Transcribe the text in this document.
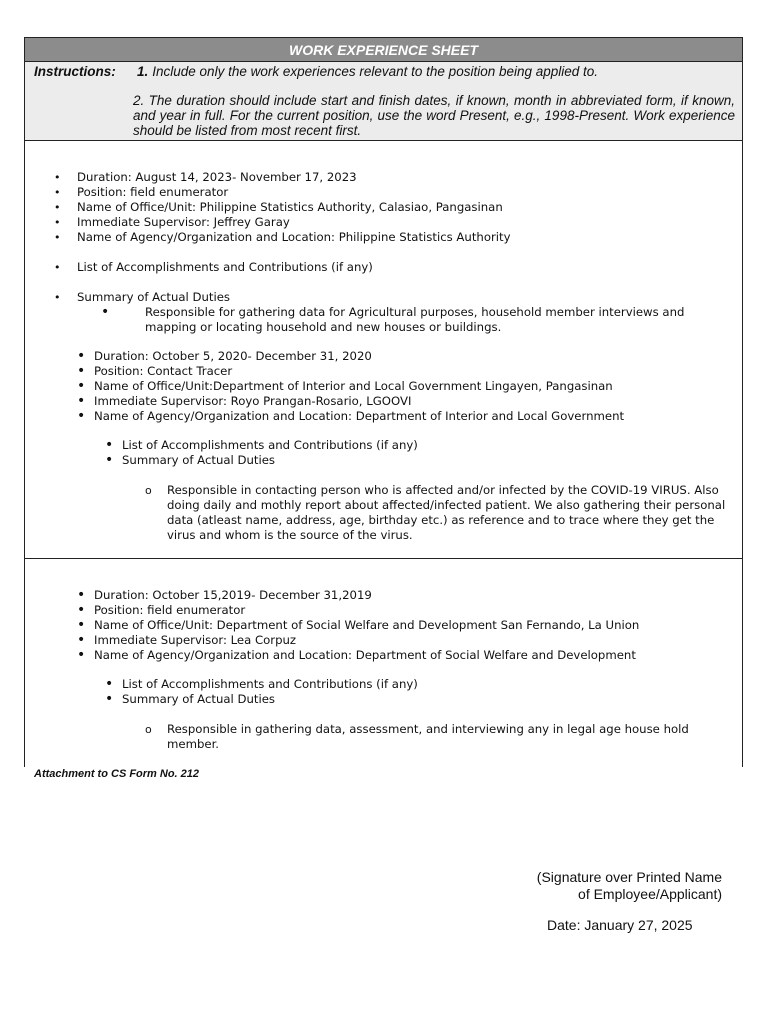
WORK EXPERIENCE SHEET
Instructions: 1. Include only the work experiences relevant to the position being applied to.
2. The duration should include start and finish dates, if known, month in abbreviated form, if known, and year in full. For the current position, use the word Present, e.g., 1998-Present. Work experience should be listed from most recent first.
• Duration: August 14, 2023- November 17, 2023
• Position: field enumerator
• Name of Office/Unit: Philippine Statistics Authority, Calasiao, Pangasinan
• Immediate Supervisor: Jeffrey Garay
• Name of Agency/Organization and Location: Philippine Statistics Authority
• List of Accomplishments and Contributions (if any)
• Summary of Actual Duties
•	Responsible for gathering data for Agricultural purposes, household member interviews and mapping or locating household and new houses or buildings.
• Duration: October 5, 2020- December 31, 2020
• Position: Contact Tracer
• Name of Office/Unit:Department of Interior and Local Government Lingayen, Pangasinan
• Immediate Supervisor: Royo Prangan-Rosario, LGOOVI
• Name of Agency/Organization and Location: Department of Interior and Local Government
• List of Accomplishments and Contributions (if any)
• Summary of Actual Duties
o Responsible in contacting person who is affected and/or infected by the COVID-19 VIRUS. Also doing daily and mothly report about affected/infected patient. We also gathering their personal data (atleast name, address, age, birthday etc.) as reference and to trace where they get the virus and whom is the source of the virus.
• Duration: October 15,2019- December 31,2019
• Position: field enumerator
• Name of Office/Unit: Department of Social Welfare and Development San Fernando, La Union
• Immediate Supervisor: Lea Corpuz
• Name of Agency/Organization and Location: Department of Social Welfare and Development
• List of Accomplishments and Contributions (if any)
• Summary of Actual Duties
o Responsible in gathering data, assessment, and interviewing any in legal age house hold member.
Attachment to CS Form No. 212
(Signature over Printed Name
of Employee/Applicant)
Date: January 27, 2025
